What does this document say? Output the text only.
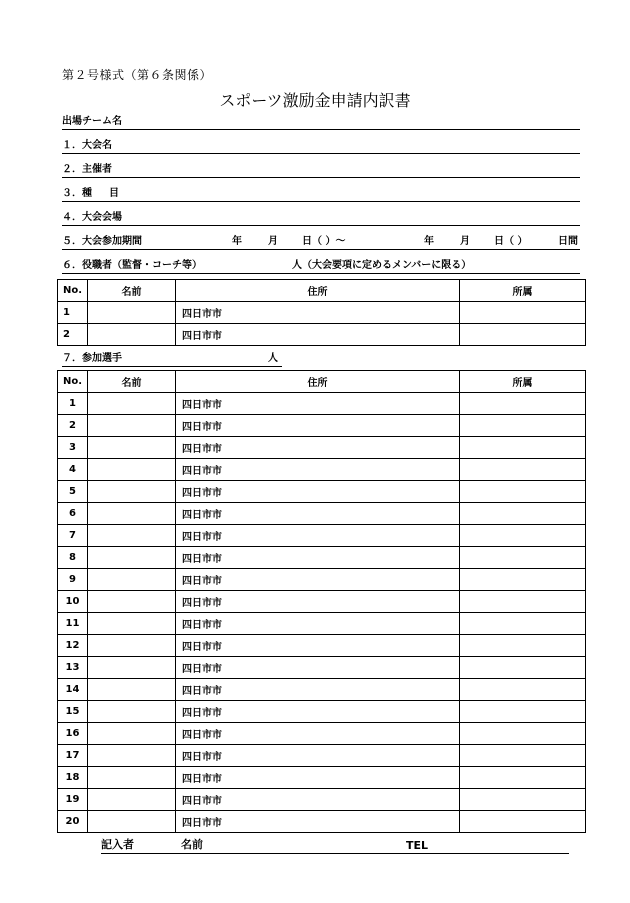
第２号様式（第６条関係）
スポーツ激励金申請内訳書
出場チーム名
１．大会名
２．主催者
３．種 目
４．大会会場
５．大会参加期間	年	月 日（ ）～	年	月 日（ ）	日間
６．役職者（監督・コーチ等）	人（大会要項に定めるメンバーに限る）
No.	名前	住所	所属
1		四日市市	
2		四日市市	
７．参加選手	人
No.	名前	住所	所属
1		四日市市	
2		四日市市	
3		四日市市	
4		四日市市	
5		四日市市	
6		四日市市	
7		四日市市	
8		四日市市	
9		四日市市	
10		四日市市	
11		四日市市	
12		四日市市	
13		四日市市	
14		四日市市	
15		四日市市	
16		四日市市	
17		四日市市	
18		四日市市	
19		四日市市	
20		四日市市	
記入者	名前	TEL
